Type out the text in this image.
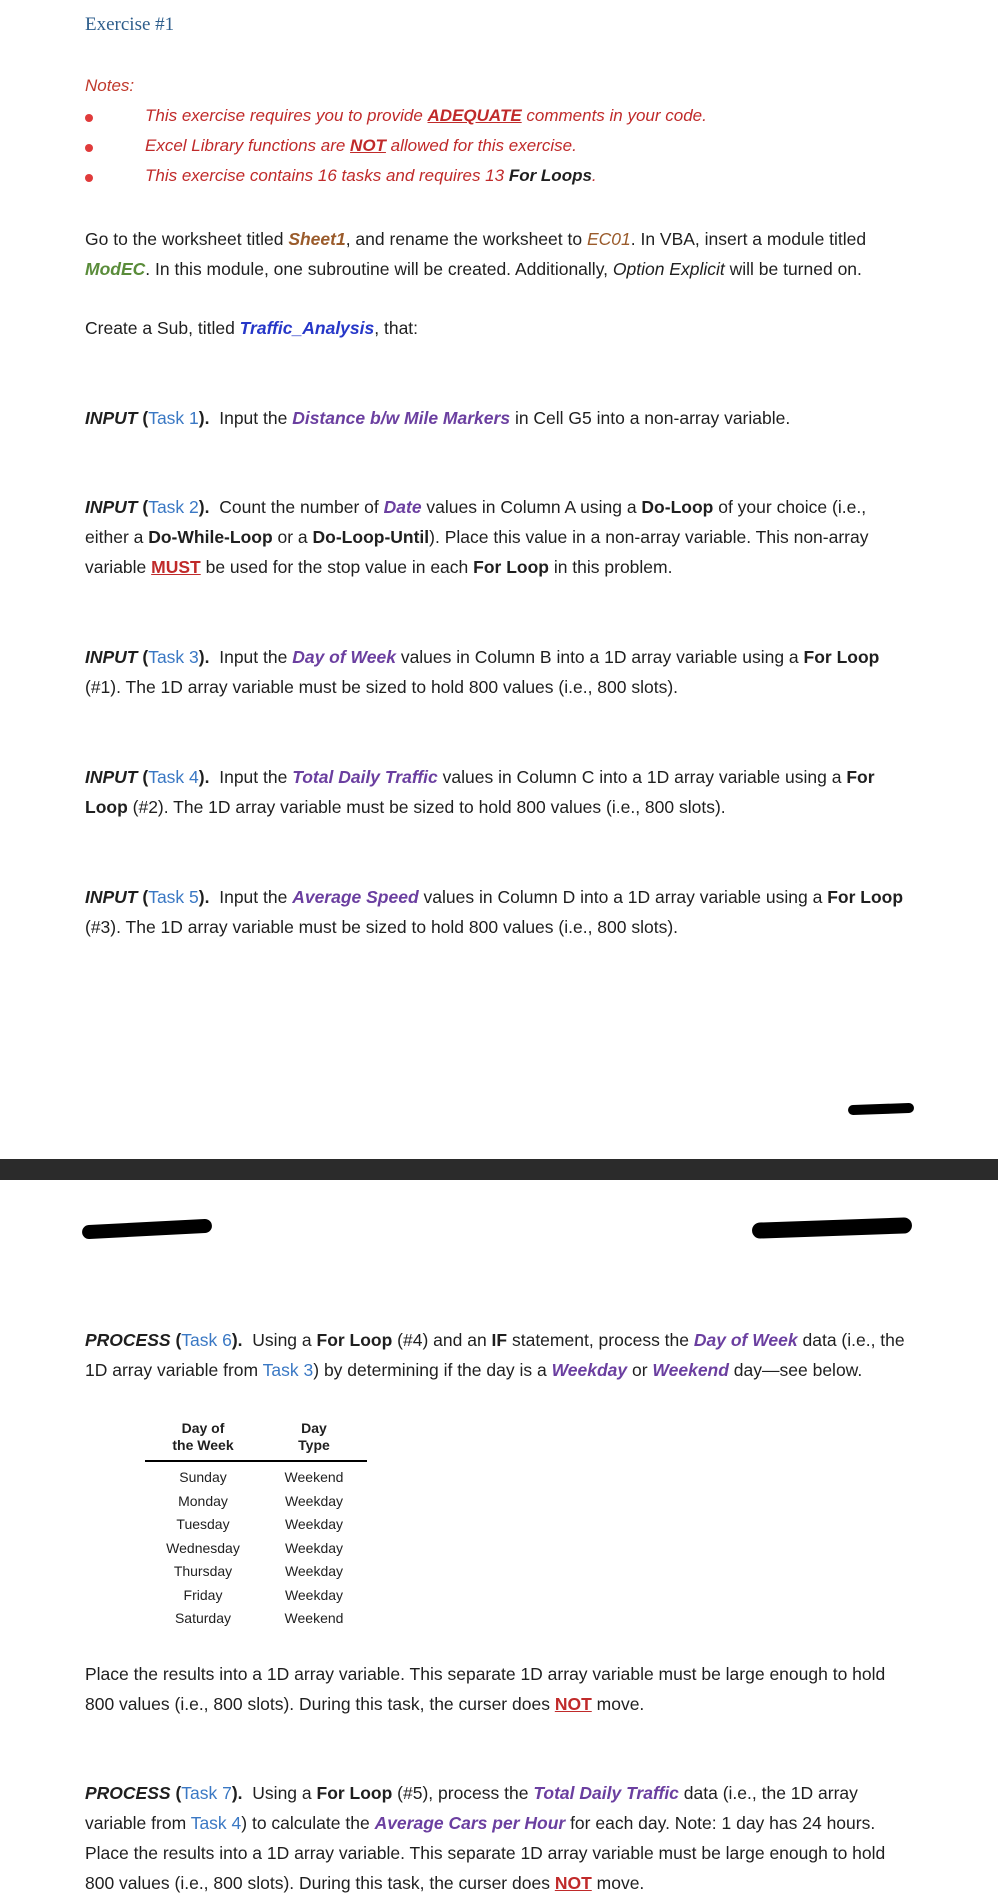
Exercise #1
Notes:
This exercise requires you to provide ADEQUATE comments in your code.
Excel Library functions are NOT allowed for this exercise.
This exercise contains 16 tasks and requires 13 For Loops.
Go to the worksheet titled Sheet1, and rename the worksheet to EC01. In VBA, insert a module titled
ModEC. In this module, one subroutine will be created. Additionally, Option Explicit will be turned on.
Create a Sub, titled Traffic_Analysis, that:
INPUT (Task 1). Input the Distance b/w Mile Markers in Cell G5 into a non-array variable.
INPUT (Task 2). Count the number of Date values in Column A using a Do-Loop of your choice (i.e.,
either a Do-While-Loop or a Do-Loop-Until). Place this value in a non-array variable. This non-array
variable MUST be used for the stop value in each For Loop in this problem.
INPUT (Task 3). Input the Day of Week values in Column B into a 1D array variable using a For Loop
(#1). The 1D array variable must be sized to hold 800 values (i.e., 800 slots).
INPUT (Task 4). Input the Total Daily Traffic values in Column C into a 1D array variable using a For
Loop (#2). The 1D array variable must be sized to hold 800 values (i.e., 800 slots).
INPUT (Task 5). Input the Average Speed values in Column D into a 1D array variable using a For Loop
(#3). The 1D array variable must be sized to hold 800 values (i.e., 800 slots).
PROCESS (Task 6). Using a For Loop (#4) and an IF statement, process the Day of Week data (i.e., the
1D array variable from Task 3) by determining if the day is a Weekday or Weekend day—see below.
Day of
the Week	Day
Type
Sunday	Weekend
Monday	Weekday
Tuesday	Weekday
Wednesday	Weekday
Thursday	Weekday
Friday	Weekday
Saturday	Weekend
Place the results into a 1D array variable. This separate 1D array variable must be large enough to hold
800 values (i.e., 800 slots). During this task, the curser does NOT move.
PROCESS (Task 7). Using a For Loop (#5), process the Total Daily Traffic data (i.e., the 1D array
variable from Task 4) to calculate the Average Cars per Hour for each day. Note: 1 day has 24 hours.
Place the results into a 1D array variable. This separate 1D array variable must be large enough to hold
800 values (i.e., 800 slots). During this task, the curser does NOT move.
